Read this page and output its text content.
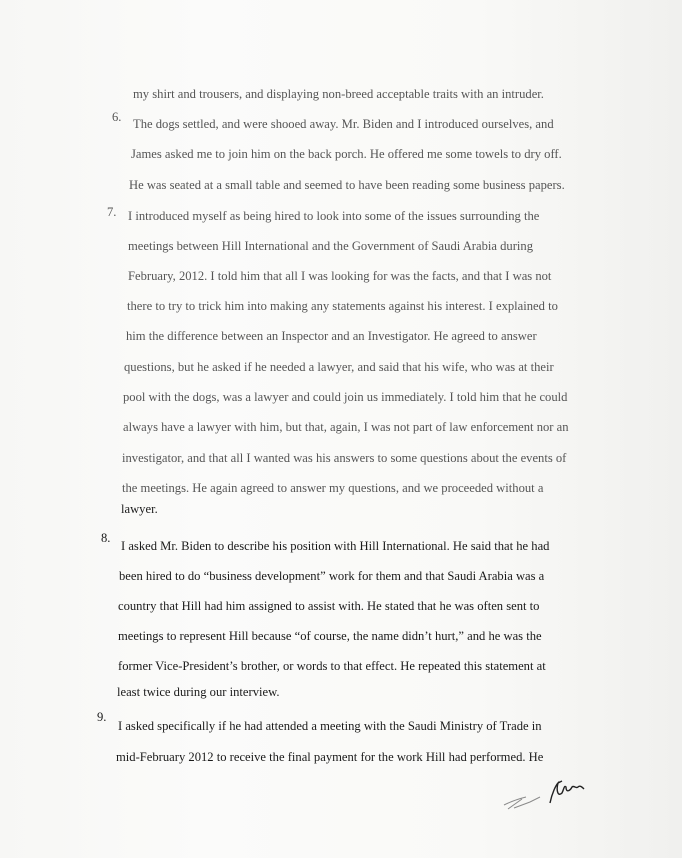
my shirt and trousers, and displaying non-breed acceptable traits with an intruder.
6. The dogs settled, and were shooed away. Mr. Biden and I introduced ourselves, and
James asked me to join him on the back porch. He offered me some towels to dry off.
He was seated at a small table and seemed to have been reading some business papers.
7. I introduced myself as being hired to look into some of the issues surrounding the
meetings between Hill International and the Government of Saudi Arabia during
February, 2012. I told him that all I was looking for was the facts, and that I was not
there to try to trick him into making any statements against his interest. I explained to
him the difference between an Inspector and an Investigator. He agreed to answer
questions, but he asked if he needed a lawyer, and said that his wife, who was at their
pool with the dogs, was a lawyer and could join us immediately. I told him that he could
always have a lawyer with him, but that, again, I was not part of law enforcement nor an
investigator, and that all I wanted was his answers to some questions about the events of
the meetings. He again agreed to answer my questions, and we proceeded without a
lawyer.
8.
I asked Mr. Biden to describe his position with Hill International. He said that he had
been hired to do “business development” work for them and that Saudi Arabia was a
country that Hill had him assigned to assist with. He stated that he was often sent to
meetings to represent Hill because “of course, the name didn’t hurt,” and he was the
former Vice-President’s brother, or words to that effect. He repeated this statement at
least twice during our interview.
9.
I asked specifically if he had attended a meeting with the Saudi Ministry of Trade in
mid-February 2012 to receive the final payment for the work Hill had performed. He
